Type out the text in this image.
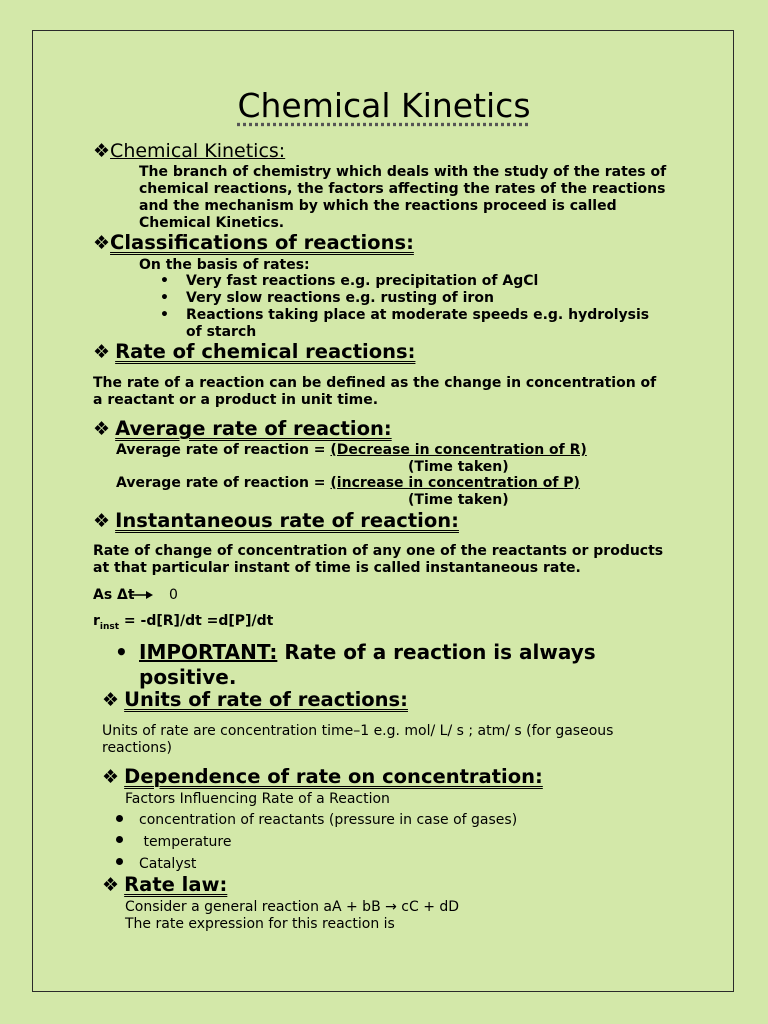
Chemical Kinetics
❖Chemical Kinetics:
The branch of chemistry which deals with the study of the rates of
chemical reactions, the factors affecting the rates of the reactions
and the mechanism by which the reactions proceed is called
Chemical Kinetics.
❖Classifications of reactions:
On the basis of rates:
• Very fast reactions e.g. precipitation of AgCl
• Very slow reactions e.g. rusting of iron
• Reactions taking place at moderate speeds e.g. hydrolysis
of starch
❖ Rate of chemical reactions:
The rate of a reaction can be defined as the change in concentration of
a reactant or a product in unit time.
❖ Average rate of reaction:
Average rate of reaction = (Decrease in concentration of R)
(Time taken)
Average rate of reaction = (increase in concentration of P)
(Time taken)
❖ Instantaneous rate of reaction:
Rate of change of concentration of any one of the reactants or products
at that particular instant of time is called instantaneous rate.
As Δt 0
$r_{inst} = -d[R]/dt =d[P]/dt$
• IMPORTANT: Rate of a reaction is always
positive.
❖ Units of rate of reactions:
Units of rate are concentration time–1 e.g. mol/ L/ s ; atm/ s (for gaseous
reactions)
❖ Dependence of rate on concentration:
Factors Influencing Rate of a Reaction
concentration of reactants (pressure in case of gases)
temperature
Catalyst
❖ Rate law:
Consider a general reaction aA + bB → cC + dD
The rate expression for this reaction is
